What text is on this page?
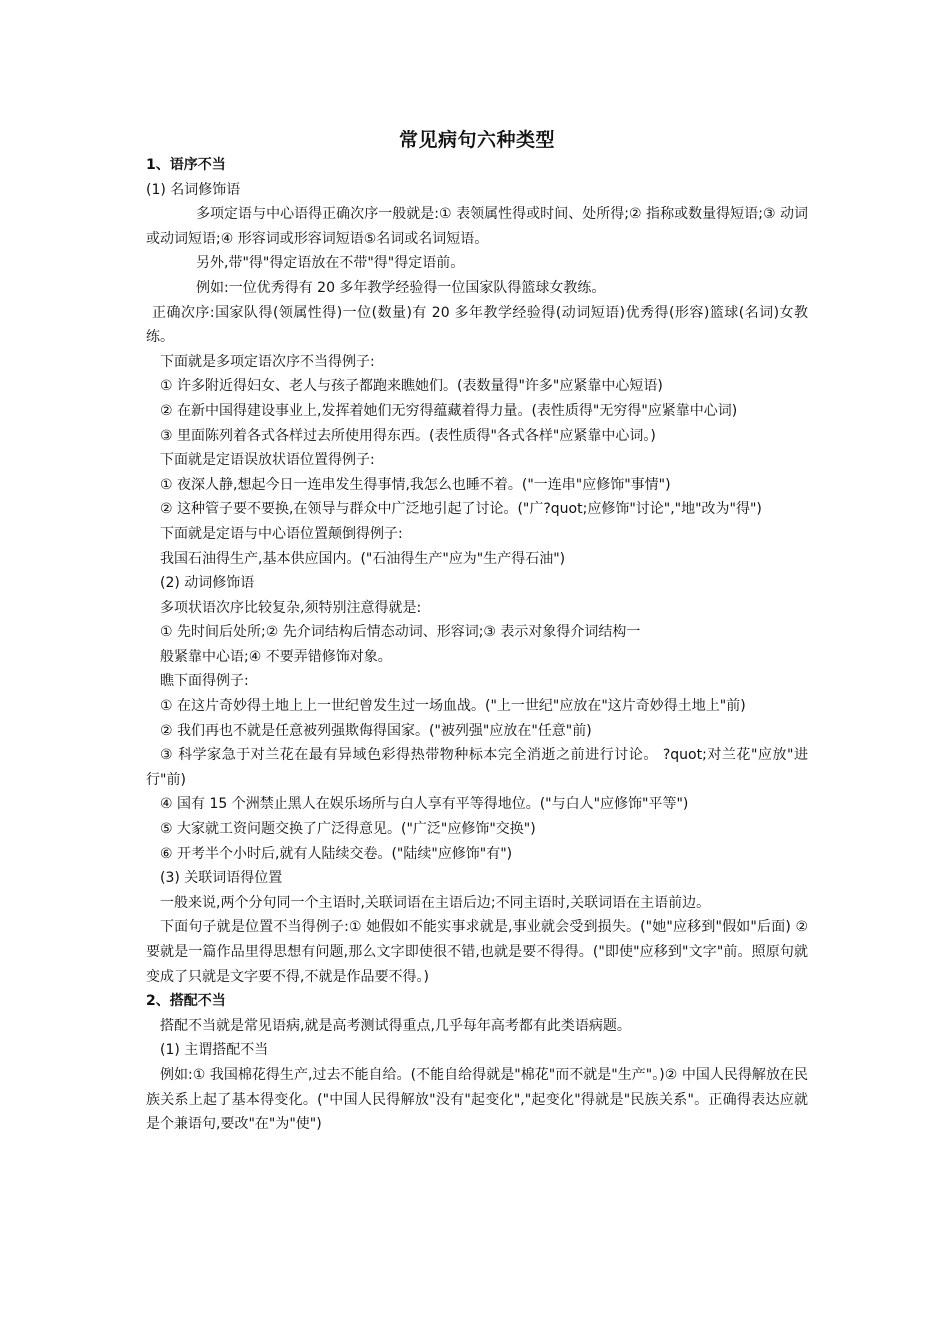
常见病句六种类型
1、语序不当
(1) 名词修饰语
多项定语与中心语得正确次序一般就是:① 表领属性得或时间、处所得;② 指称或数量得短语;③ 动词或动词短语;④ 形容词或形容词短语⑤名词或名词短语。
另外,带"得"得定语放在不带"得"得定语前。
例如:一位优秀得有 20 多年教学经验得一位国家队得篮球女教练。
正确次序:国家队得(领属性得)一位(数量)有 20 多年教学经验得(动词短语)优秀得(形容)篮球(名词)女教练。
下面就是多项定语次序不当得例子:
① 许多附近得妇女、老人与孩子都跑来瞧她们。(表数量得"许多"应紧靠中心短语)
② 在新中国得建设事业上,发挥着她们无穷得蕴藏着得力量。(表性质得"无穷得"应紧靠中心词)
③ 里面陈列着各式各样过去所使用得东西。(表性质得"各式各样"应紧靠中心词。)
下面就是定语误放状语位置得例子:
① 夜深人静,想起今日一连串发生得事情,我怎么也睡不着。("一连串"应修饰"事情")
② 这种管子要不要换,在领导与群众中广泛地引起了讨论。("广?quot;应修饰"讨论","地"改为"得")
下面就是定语与中心语位置颠倒得例子:
我国石油得生产,基本供应国内。("石油得生产"应为"生产得石油")
(2) 动词修饰语
多项状语次序比较复杂,须特别注意得就是:
① 先时间后处所;② 先介词结构后情态动词、形容词;③ 表示对象得介词结构一
般紧靠中心语;④ 不要弄错修饰对象。
瞧下面得例子:
① 在这片奇妙得土地上上一世纪曾发生过一场血战。("上一世纪"应放在"这片奇妙得土地上"前)
② 我们再也不就是任意被列强欺侮得国家。("被列强"应放在"任意"前)
③ 科学家急于对兰花在最有异域色彩得热带物种标本完全消逝之前进行讨论。 ?quot;对兰花"应放"进行"前)
④ 国有 15 个洲禁止黑人在娱乐场所与白人享有平等得地位。("与白人"应修饰"平等")
⑤ 大家就工资问题交换了广泛得意见。("广泛"应修饰"交换")
⑥ 开考半个小时后,就有人陆续交卷。("陆续"应修饰"有")
(3) 关联词语得位置
一般来说,两个分句同一个主语时,关联词语在主语后边;不同主语时,关联词语在主语前边。
下面句子就是位置不当得例子:① 她假如不能实事求就是,事业就会受到损失。("她"应移到"假如"后面) ② 要就是一篇作品里得思想有问题,那么文字即使很不错,也就是要不得得。("即使"应移到"文字"前。照原句就变成了只就是文字要不得,不就是作品要不得。)
2、搭配不当
搭配不当就是常见语病,就是高考测试得重点,几乎每年高考都有此类语病题。
(1) 主谓搭配不当
例如:① 我国棉花得生产,过去不能自给。(不能自给得就是"棉花"而不就是"生产"。)② 中国人民得解放在民族关系上起了基本得变化。("中国人民得解放"没有"起变化","起变化"得就是"民族关系"。正确得表达应就是个兼语句,要改"在"为"使")
